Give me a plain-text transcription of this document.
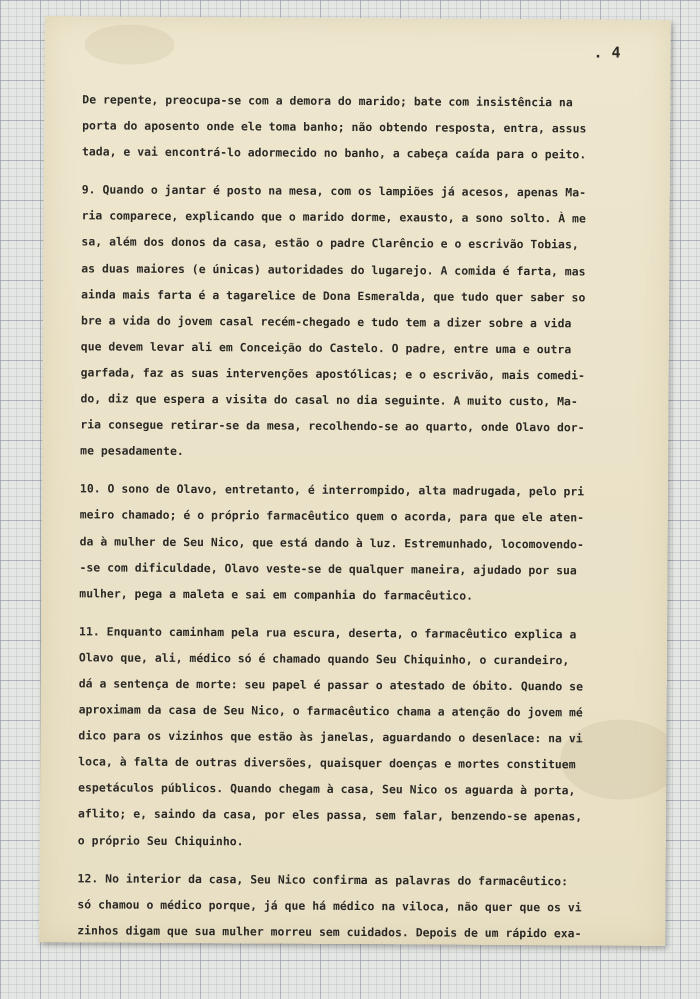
. 4
De repente, preocupa-se com a demora do marido; bate com insistência na
porta do aposento onde ele toma banho; não obtendo resposta, entra, assus
tada, e vai encontrá-lo adormecido no banho, a cabeça caída para o peito.
9. Quando o jantar é posto na mesa, com os lampiões já acesos, apenas Ma-
ria comparece, explicando que o marido dorme, exausto, a sono solto. À me
sa, além dos donos da casa, estão o padre Clarêncio e o escrivão Tobias,
as duas maiores (e únicas) autoridades do lugarejo. A comida é farta, mas
ainda mais farta é a tagarelice de Dona Esmeralda, que tudo quer saber so
bre a vida do jovem casal recém-chegado e tudo tem a dizer sobre a vida
que devem levar ali em Conceição do Castelo. O padre, entre uma e outra
garfada, faz as suas intervenções apostólicas; e o escrivão, mais comedi-
do, diz que espera a visita do casal no dia seguinte. A muito custo, Ma-
ria consegue retirar-se da mesa, recolhendo-se ao quarto, onde Olavo dor-
me pesadamente.
10. O sono de Olavo, entretanto, é interrompido, alta madrugada, pelo pri
meiro chamado; é o próprio farmacêutico quem o acorda, para que ele aten-
da à mulher de Seu Nico, que está dando à luz. Estremunhado, locomovendo-
-se com dificuldade, Olavo veste-se de qualquer maneira, ajudado por sua
mulher, pega a maleta e sai em companhia do farmacêutico.
11. Enquanto caminham pela rua escura, deserta, o farmacêutico explica a
Olavo que, ali, médico só é chamado quando Seu Chiquinho, o curandeiro,
dá a sentença de morte: seu papel é passar o atestado de óbito. Quando se
aproximam da casa de Seu Nico, o farmacêutico chama a atenção do jovem mé
dico para os vizinhos que estão às janelas, aguardando o desenlace: na vi
loca, à falta de outras diversões, quaisquer doenças e mortes constituem
espetáculos públicos. Quando chegam à casa, Seu Nico os aguarda à porta,
aflito; e, saindo da casa, por eles passa, sem falar, benzendo-se apenas,
o próprio Seu Chiquinho.
12. No interior da casa, Seu Nico confirma as palavras do farmacêutico:
só chamou o médico porque, já que há médico na viloca, não quer que os vi
zinhos digam que sua mulher morreu sem cuidados. Depois de um rápido exa-
